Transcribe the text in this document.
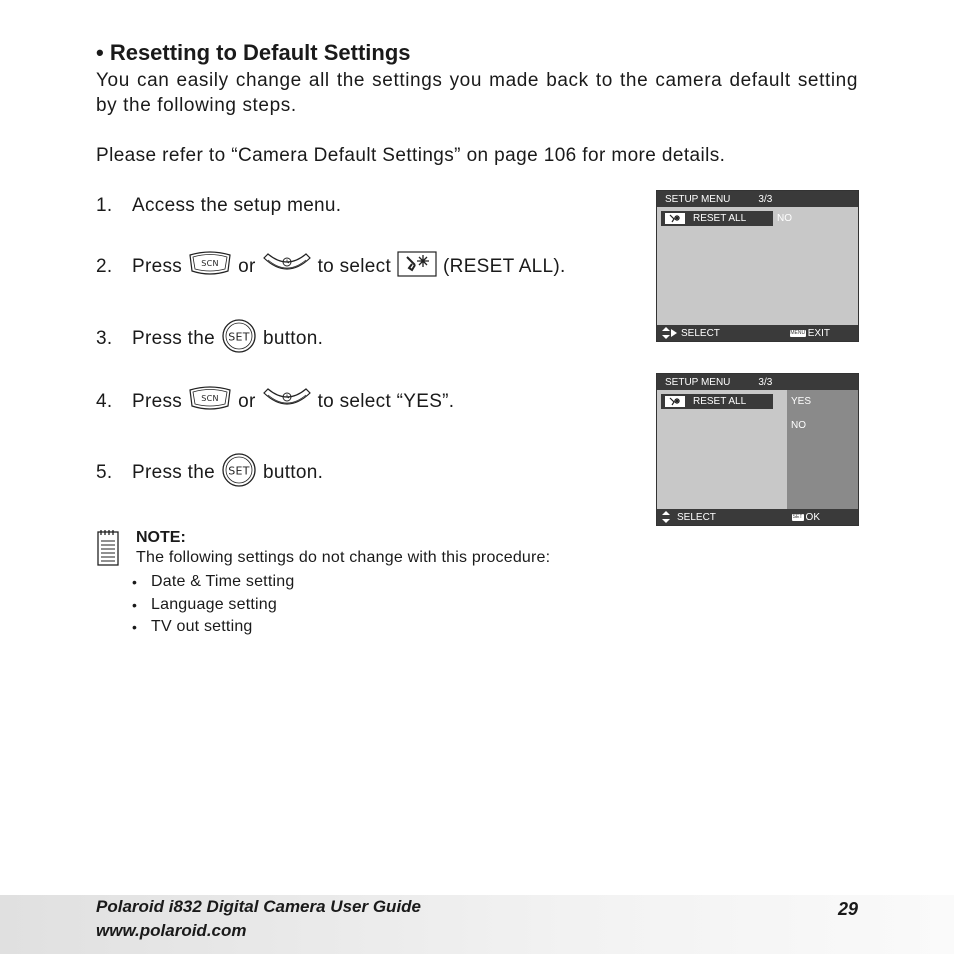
• Resetting to Default Settings
You can easily change all the settings you made back to the camera default setting by the following steps.
Please refer to “Camera Default Settings” on page 106 for more details.
1.	Access the setup menu.
2.	Press SCN or	to select	(RESET ALL).
3.	Press the SET button.
4.	Press SCN or	to select “YES”.
5.	Press the SET button.
SETUP MENU	3/3
RESET ALL	NO
SELECT	MENU EXIT
SETUP MENU	3/3
RESET ALL	YES
NO
SELECT	SET OK
NOTE:
The following settings do not change with this procedure:
• Date & Time setting
• Language setting
• TV out setting
Polaroid i832 Digital Camera User Guide
www.polaroid.com
29
